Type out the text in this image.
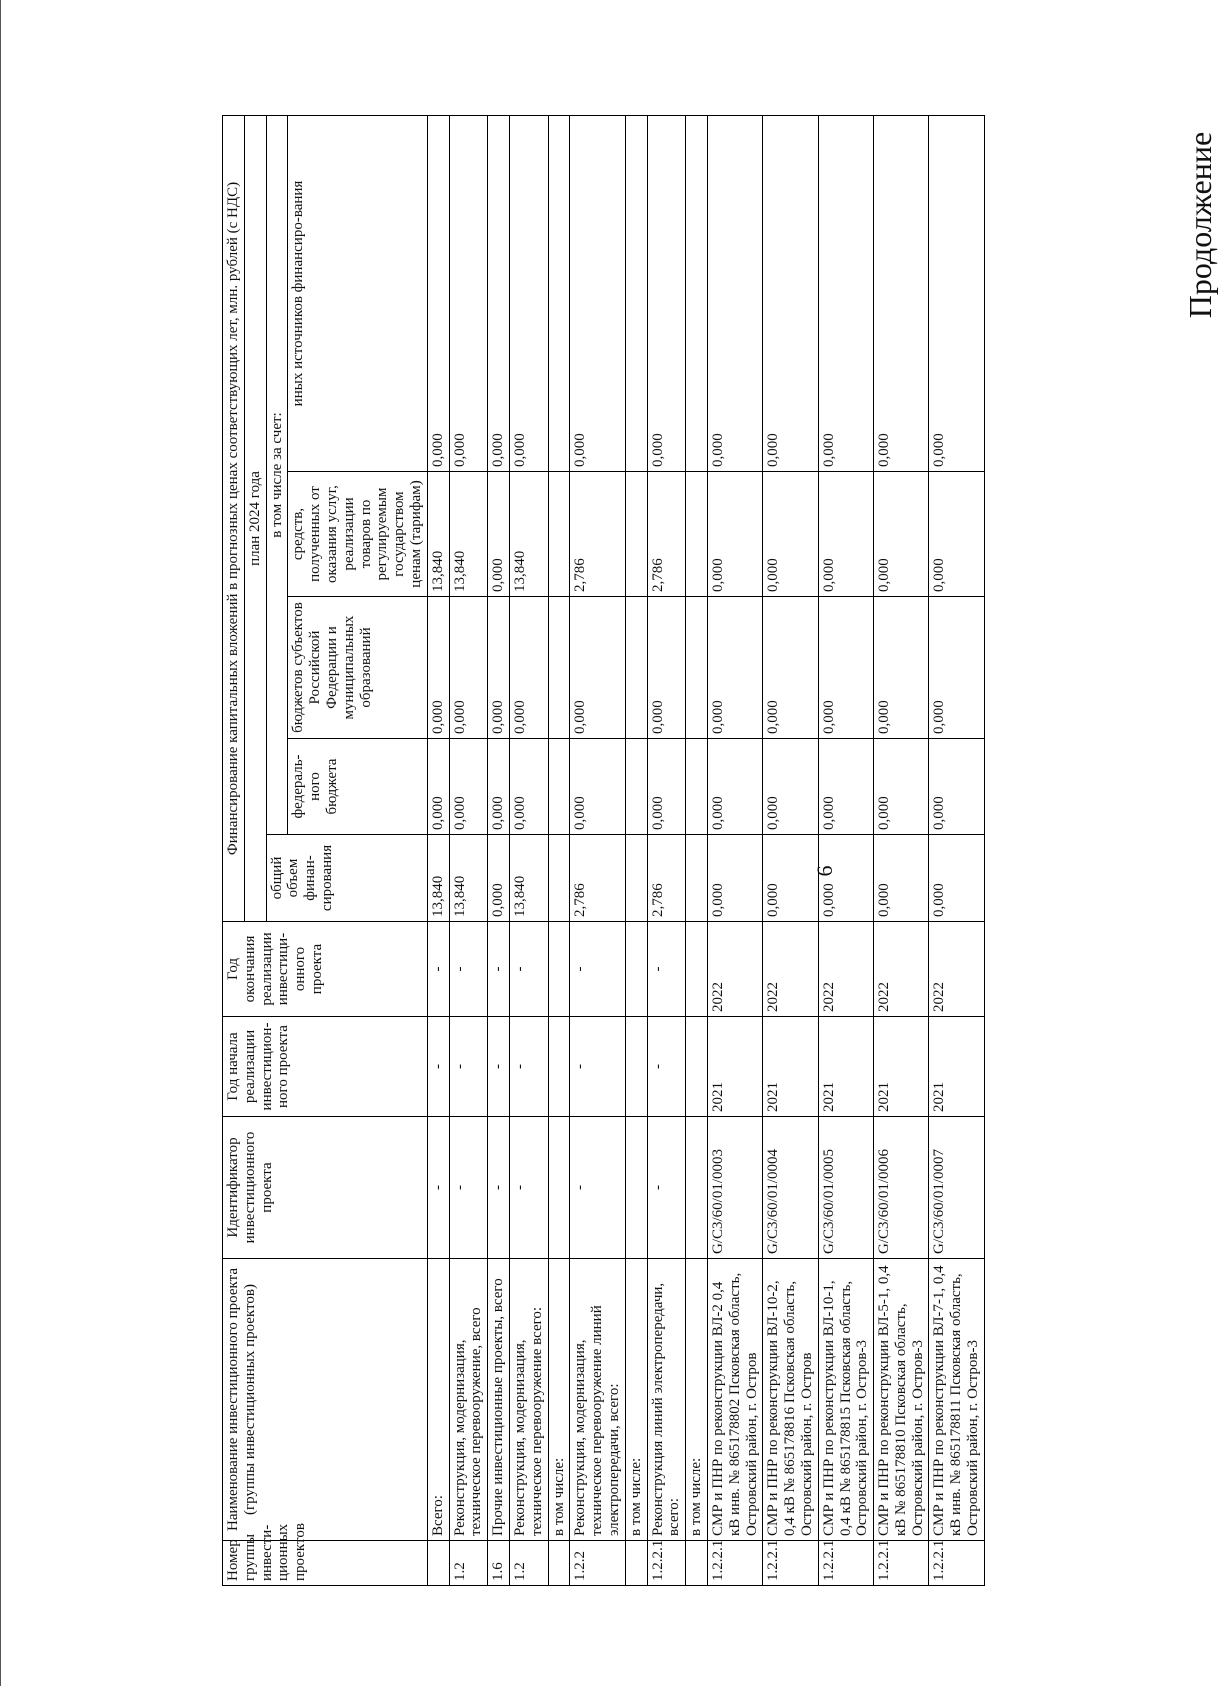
6
Продолжение
Номер группы инвести-ционных проектов	Наименование инвестиционного проекта (группы инвестиционных проектов)	Идентификатор инвестиционного проекта	Год начала реализации инвестицион-ного проекта	Год окончания реализации инвестици-онного проекта	Финансирование капитальных вложений в прогнозных ценах соответствующих лет, млн. рублей (с НДС)				
					план 2024 года				
					общий объем финан-сирования	в том числе за счет:			
						федераль-ного бюджета	бюджетов субъектов Российской Федерации и муниципальных образований	средств, полученных от оказания услуг, реализации товаров по регулируемым государством ценам (тарифам)	иных источников финансиро-вания
	Всего:	-	-	-	13,840	0,000	0,000	13,840	0,000
1.2	Реконструкция, модернизация, техническое перевооружение, всего	-	-	-	13,840	0,000	0,000	13,840	0,000
1.6	Прочие инвестиционные проекты, всего	-	-	-	0,000	0,000	0,000	0,000	0,000
1.2	Реконструкция, модернизация, техническое перевооружение всего:	-	-	-	13,840	0,000	0,000	13,840	0,000
	в том числе:								
1.2.2	Реконструкция, модернизация, техническое перевооружение линий электропередачи, всего:	-	-	-	2,786	0,000	0,000	2,786	0,000
	в том числе:								
1.2.2.1	Реконструкция линий электропередачи, всего:	-	-	-	2,786	0,000	0,000	2,786	0,000
	в том числе:								
1.2.2.1	СМР и ПНР по реконструкции ВЛ-2 0,4 кВ инв. № 865178802 Псковская область, Островский район, г. Остров	G/C3/60/01/0003	2021	2022	0,000	0,000	0,000	0,000	0,000
1.2.2.1	СМР и ПНР по реконструкции ВЛ-10-2, 0,4 кВ № 865178816 Псковская область, Островский район, г. Остров	G/C3/60/01/0004	2021	2022	0,000	0,000	0,000	0,000	0,000
1.2.2.1	СМР и ПНР по реконструкции ВЛ-10-1, 0,4 кВ № 865178815 Псковская область, Островский район, г. Остров-3	G/C3/60/01/0005	2021	2022	0,000	0,000	0,000	0,000	0,000
1.2.2.1	СМР и ПНР по реконструкции ВЛ-5-1, 0,4 кВ № 865178810 Псковская область, Островский район, г. Остров-3	G/C3/60/01/0006	2021	2022	0,000	0,000	0,000	0,000	0,000
1.2.2.1	СМР и ПНР по реконструкции ВЛ-7-1, 0,4 кВ инв. № 865178811 Псковская область, Островский район, г. Остров-3	G/C3/60/01/0007	2021	2022	0,000	0,000	0,000	0,000	0,000
